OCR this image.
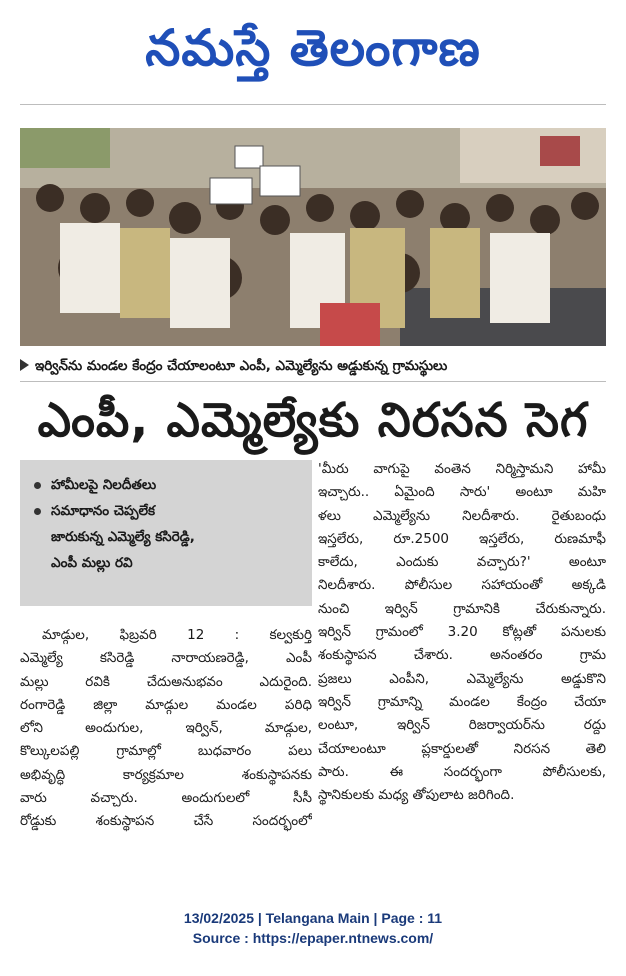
నమస్తే తెలంగాణ
ఇర్విన్‌ను మండల కేంద్రం చేయాలంటూ ఎంపీ, ఎమ్మెల్యేను అడ్డుకున్న గ్రామస్థులు
ఎంపీ, ఎమ్మెల్యేకు నిరసన సెగ
హామీలపై నిలదీతలు
సమాధానం చెప్పలేక
జారుకున్న ఎమ్మెల్యే కసిరెడ్డి,
ఎంపీ మల్లు రవి
మాడ్గుల, ఫిబ్రవరి 12 : కల్వకుర్తి
ఎమ్మెల్యే కసిరెడ్డి నారాయణరెడ్డి, ఎంపీ
మల్లు రవికి చేదుఅనుభవం ఎదురైంది.
రంగారెడ్డి జిల్లా మాడ్గుల మండల పరిధి
లోని అందుగుల, ఇర్విన్, మాడ్గుల,
కొల్కులపల్లి గ్రామాల్లో బుధవారం పలు
అభివృద్ధి కార్యక్రమాల శంకుస్థాపనకు
వారు వచ్చారు. అందుగులలో సీసీ
రోడ్డుకు శంకుస్థాపన చేసే సందర్భంలో
'మీరు వాగుపై వంతెన నిర్మిస్తామని హామీ
ఇచ్చారు.. ఏమైంది సారు' అంటూ మహి
ళలు ఎమ్మెల్యేను నిలదీశారు. రైతుబంధు
ఇస్తలేరు, రూ.2500 ఇస్తలేరు, రుణమాఫీ
కాలేదు, ఎందుకు వచ్చారు?' అంటూ
నిలదీశారు. పోలీసుల సహాయంతో అక్కడి
నుంచి ఇర్విన్ గ్రామానికి చేరుకున్నారు.
ఇర్విన్ గ్రామంలో 3.20 కోట్లతో పనులకు
శంకుస్థాపన చేశారు. అనంతరం గ్రామ
ప్రజలు ఎంపీని, ఎమ్మెల్యేను అడ్డుకొని
ఇర్విన్ గ్రామాన్ని మండల కేంద్రం చేయా
లంటూ, ఇర్విన్ రిజర్వాయర్‌ను రద్దు
చేయాలంటూ ప్లకార్డులతో నిరసన తెలి
పారు. ఈ సందర్భంగా పోలీసులకు,
స్థానికులకు మధ్య తోపులాట జరిగింది.
13/02/2025 | Telangana Main | Page : 11
Source : https://epaper.ntnews.com/
